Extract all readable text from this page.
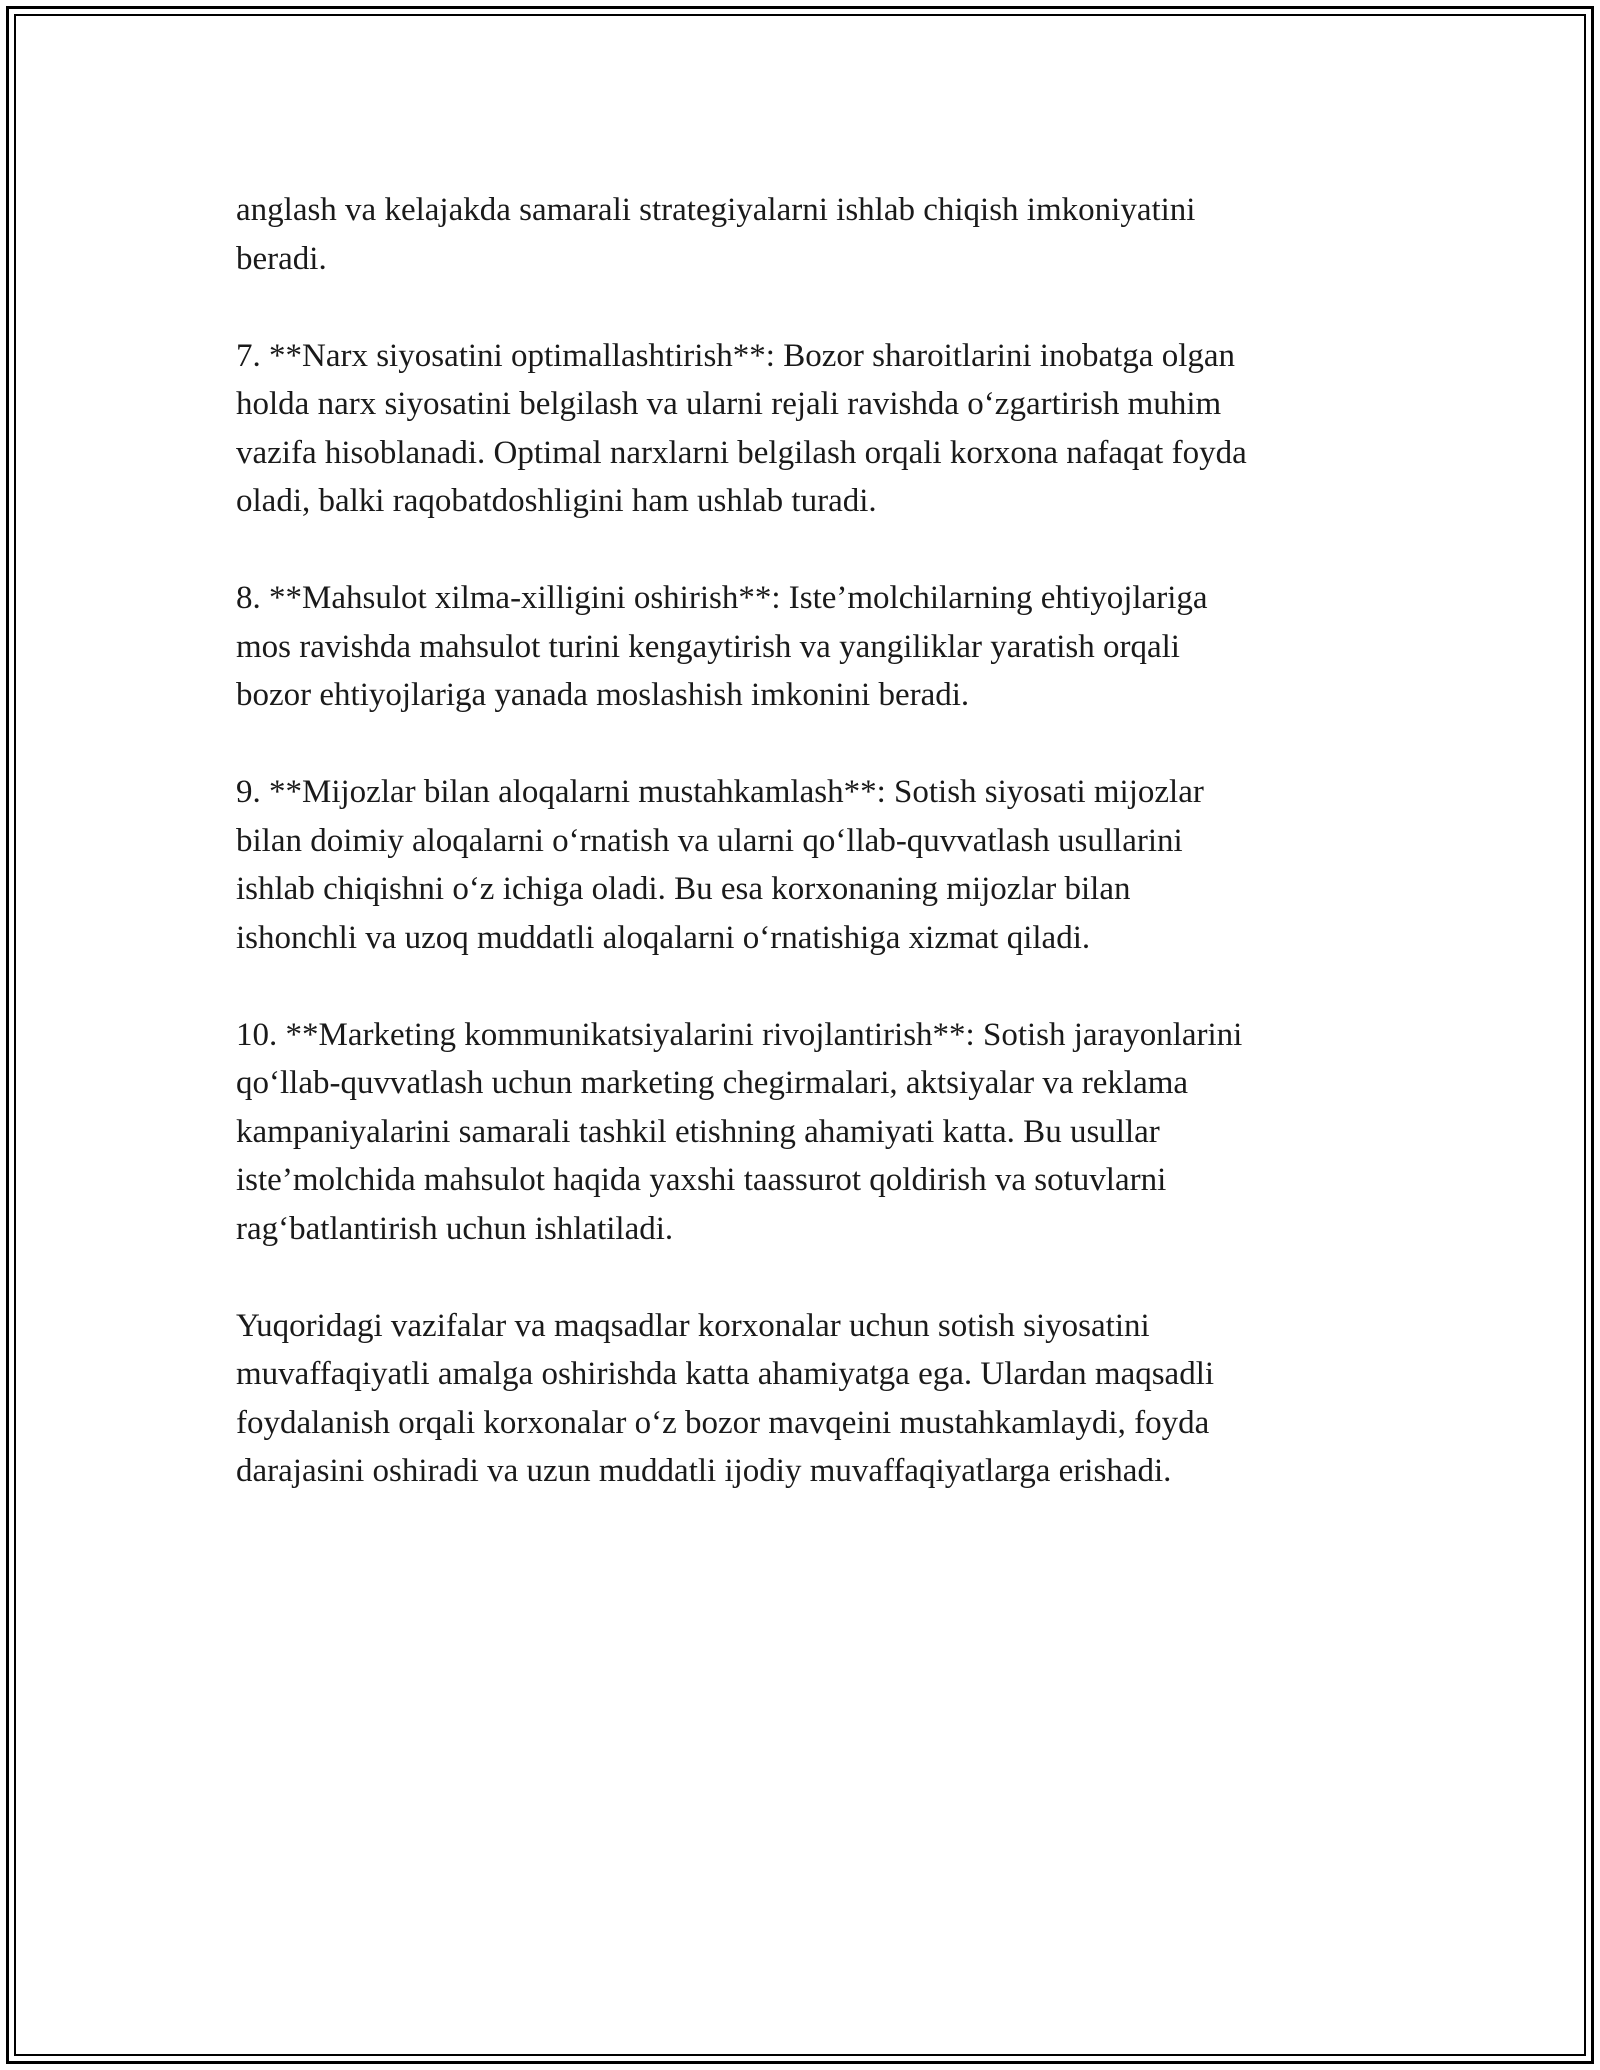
anglash va kelajakda samarali strategiyalarni ishlab chiqish imkoniyatini
beradi.

7. **Narx siyosatini optimallashtirish**: Bozor sharoitlarini inobatga olgan
holda narx siyosatini belgilash va ularni rejali ravishda o‘zgartirish muhim
vazifa hisoblanadi. Optimal narxlarni belgilash orqali korxona nafaqat foyda
oladi, balki raqobatdoshligini ham ushlab turadi.

8. **Mahsulot xilma-xilligini oshirish**: Iste’molchilarning ehtiyojlariga
mos ravishda mahsulot turini kengaytirish va yangiliklar yaratish orqali
bozor ehtiyojlariga yanada moslashish imkonini beradi.

9. **Mijozlar bilan aloqalarni mustahkamlash**: Sotish siyosati mijozlar
bilan doimiy aloqalarni o‘rnatish va ularni qo‘llab-quvvatlash usullarini
ishlab chiqishni o‘z ichiga oladi. Bu esa korxonaning mijozlar bilan
ishonchli va uzoq muddatli aloqalarni o‘rnatishiga xizmat qiladi.

10. **Marketing kommunikatsiyalarini rivojlantirish**: Sotish jarayonlarini
qo‘llab-quvvatlash uchun marketing chegirmalari, aktsiyalar va reklama
kampaniyalarini samarali tashkil etishning ahamiyati katta. Bu usullar
iste’molchida mahsulot haqida yaxshi taassurot qoldirish va sotuvlarni
rag‘batlantirish uchun ishlatiladi.

Yuqoridagi vazifalar va maqsadlar korxonalar uchun sotish siyosatini
muvaffaqiyatli amalga oshirishda katta ahamiyatga ega. Ulardan maqsadli
foydalanish orqali korxonalar o‘z bozor mavqeini mustahkamlaydi, foyda
darajasini oshiradi va uzun muddatli ijodiy muvaffaqiyatlarga erishadi.
